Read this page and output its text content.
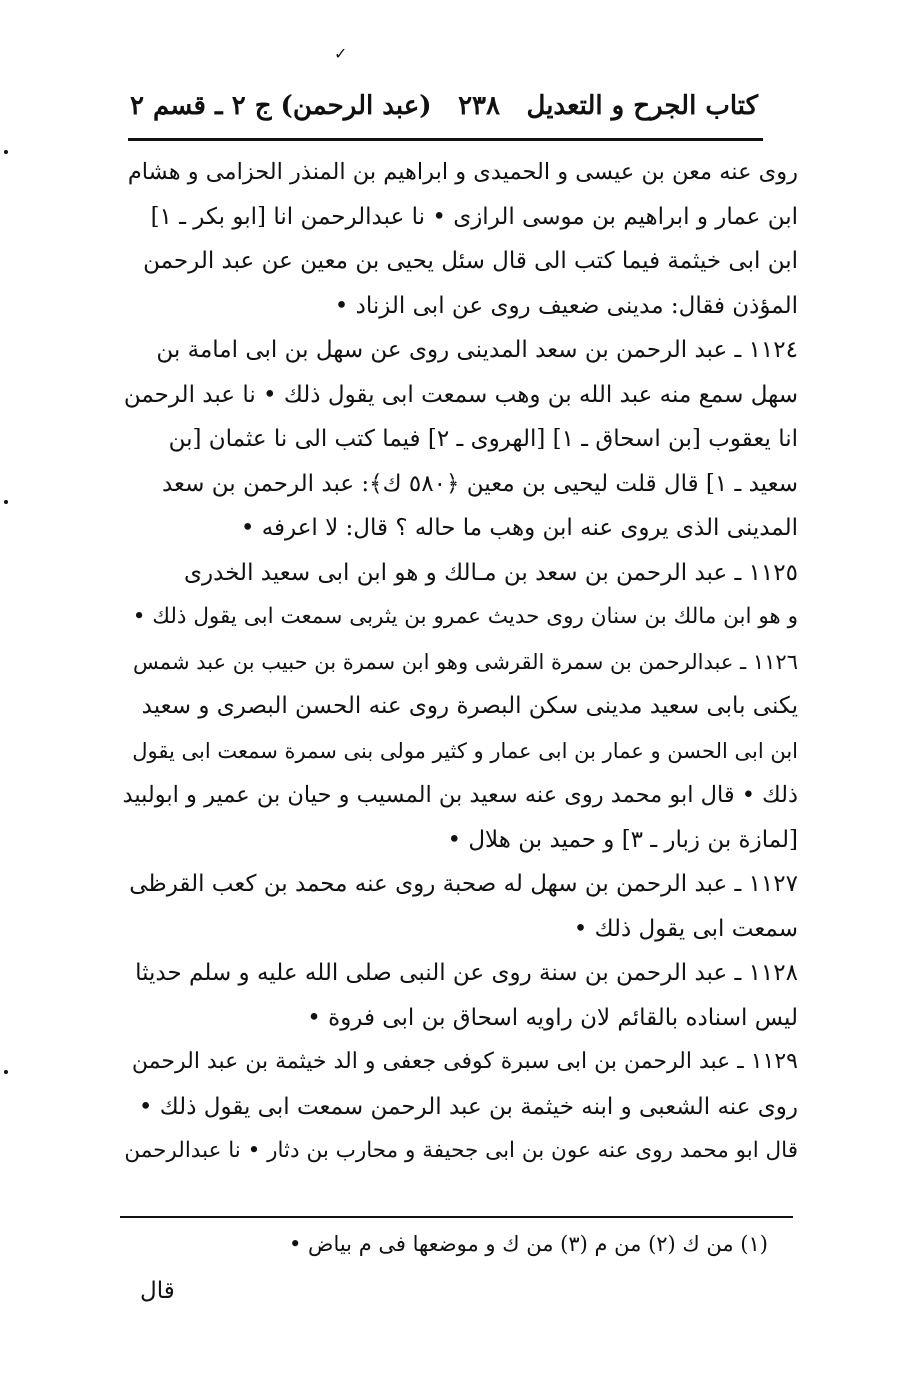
✓
كتاب الجرح و التعديل
٢٣٨
(عبد الرحمن) ج ٢ ـ قسم ٢
روى عنه معن بن عيسى و الحميدى و ابراهيم بن المنذر الحزامى و هشام
ابن عمار و ابراهيم بن موسى الرازى • نا عبدالرحمن انا [ابو بكر ـ ١]
ابن ابى خيثمة فيما كتب الى قال سئل يحيى بن معين عن عبد الرحمن
المؤذن فقال: مدينى ضعيف روى عن ابى الزناد •
١١٢٤ ـ عبد الرحمن بن سعد المدينى روى عن سهل بن ابى امامة بن
سهل سمع منه عبد الله بن وهب سمعت ابى يقول ذلك • نا عبد الرحمن
انا يعقوب [بن اسحاق ـ ١] [الهروى ـ ٢] فيما كتب الى نا عثمان [بن
سعيد ـ ١] قال قلت ليحيى بن معين ﴿٥٨٠ ك﴾: عبد الرحمن بن سعد
المدينى الذى يروى عنه ابن وهب ما حاله ؟ قال: لا اعرفه •
١١٢٥ ـ عبد الرحمن بن سعد بن مـالك و هو ابن ابى سعيد الخدرى
و هو ابن مالك بن سنان روى حديث عمرو بن يثربى سمعت ابى يقول ذلك •
١١٢٦ ـ عبدالرحمن بن سمرة القرشى وهو ابن سمرة بن حبيب بن عبد شمس
يكنى بابى سعيد مدينى سكن البصرة روى عنه الحسن البصرى و سعيد
ابن ابى الحسن و عمار بن ابى عمار و كثير مولى بنى سمرة سمعت ابى يقول
ذلك • قال ابو محمد روى عنه سعيد بن المسيب و حيان بن عمير و ابولبيد
[لمازة بن زبار ـ ٣] و حميد بن هلال •
١١٢٧ ـ عبد الرحمن بن سهل له صحبة روى عنه محمد بن كعب القرظى
سمعت ابى يقول ذلك •
١١٢٨ ـ عبد الرحمن بن سنة روى عن النبى صلى الله عليه و سلم حديثا
ليس اسناده بالقائم لان راويه اسحاق بن ابى فروة •
١١٢٩ ـ عبد الرحمن بن ابى سبرة كوفى جعفى و الد خيثمة بن عبد الرحمن
روى عنه الشعبى و ابنه خيثمة بن عبد الرحمن سمعت ابى يقول ذلك •
قال ابو محمد روى عنه عون بن ابى جحيفة و محارب بن دثار • نا عبدالرحمن
(١) من ك (٢) من م (٣) من ك و موضعها فى م بياض •
قال
